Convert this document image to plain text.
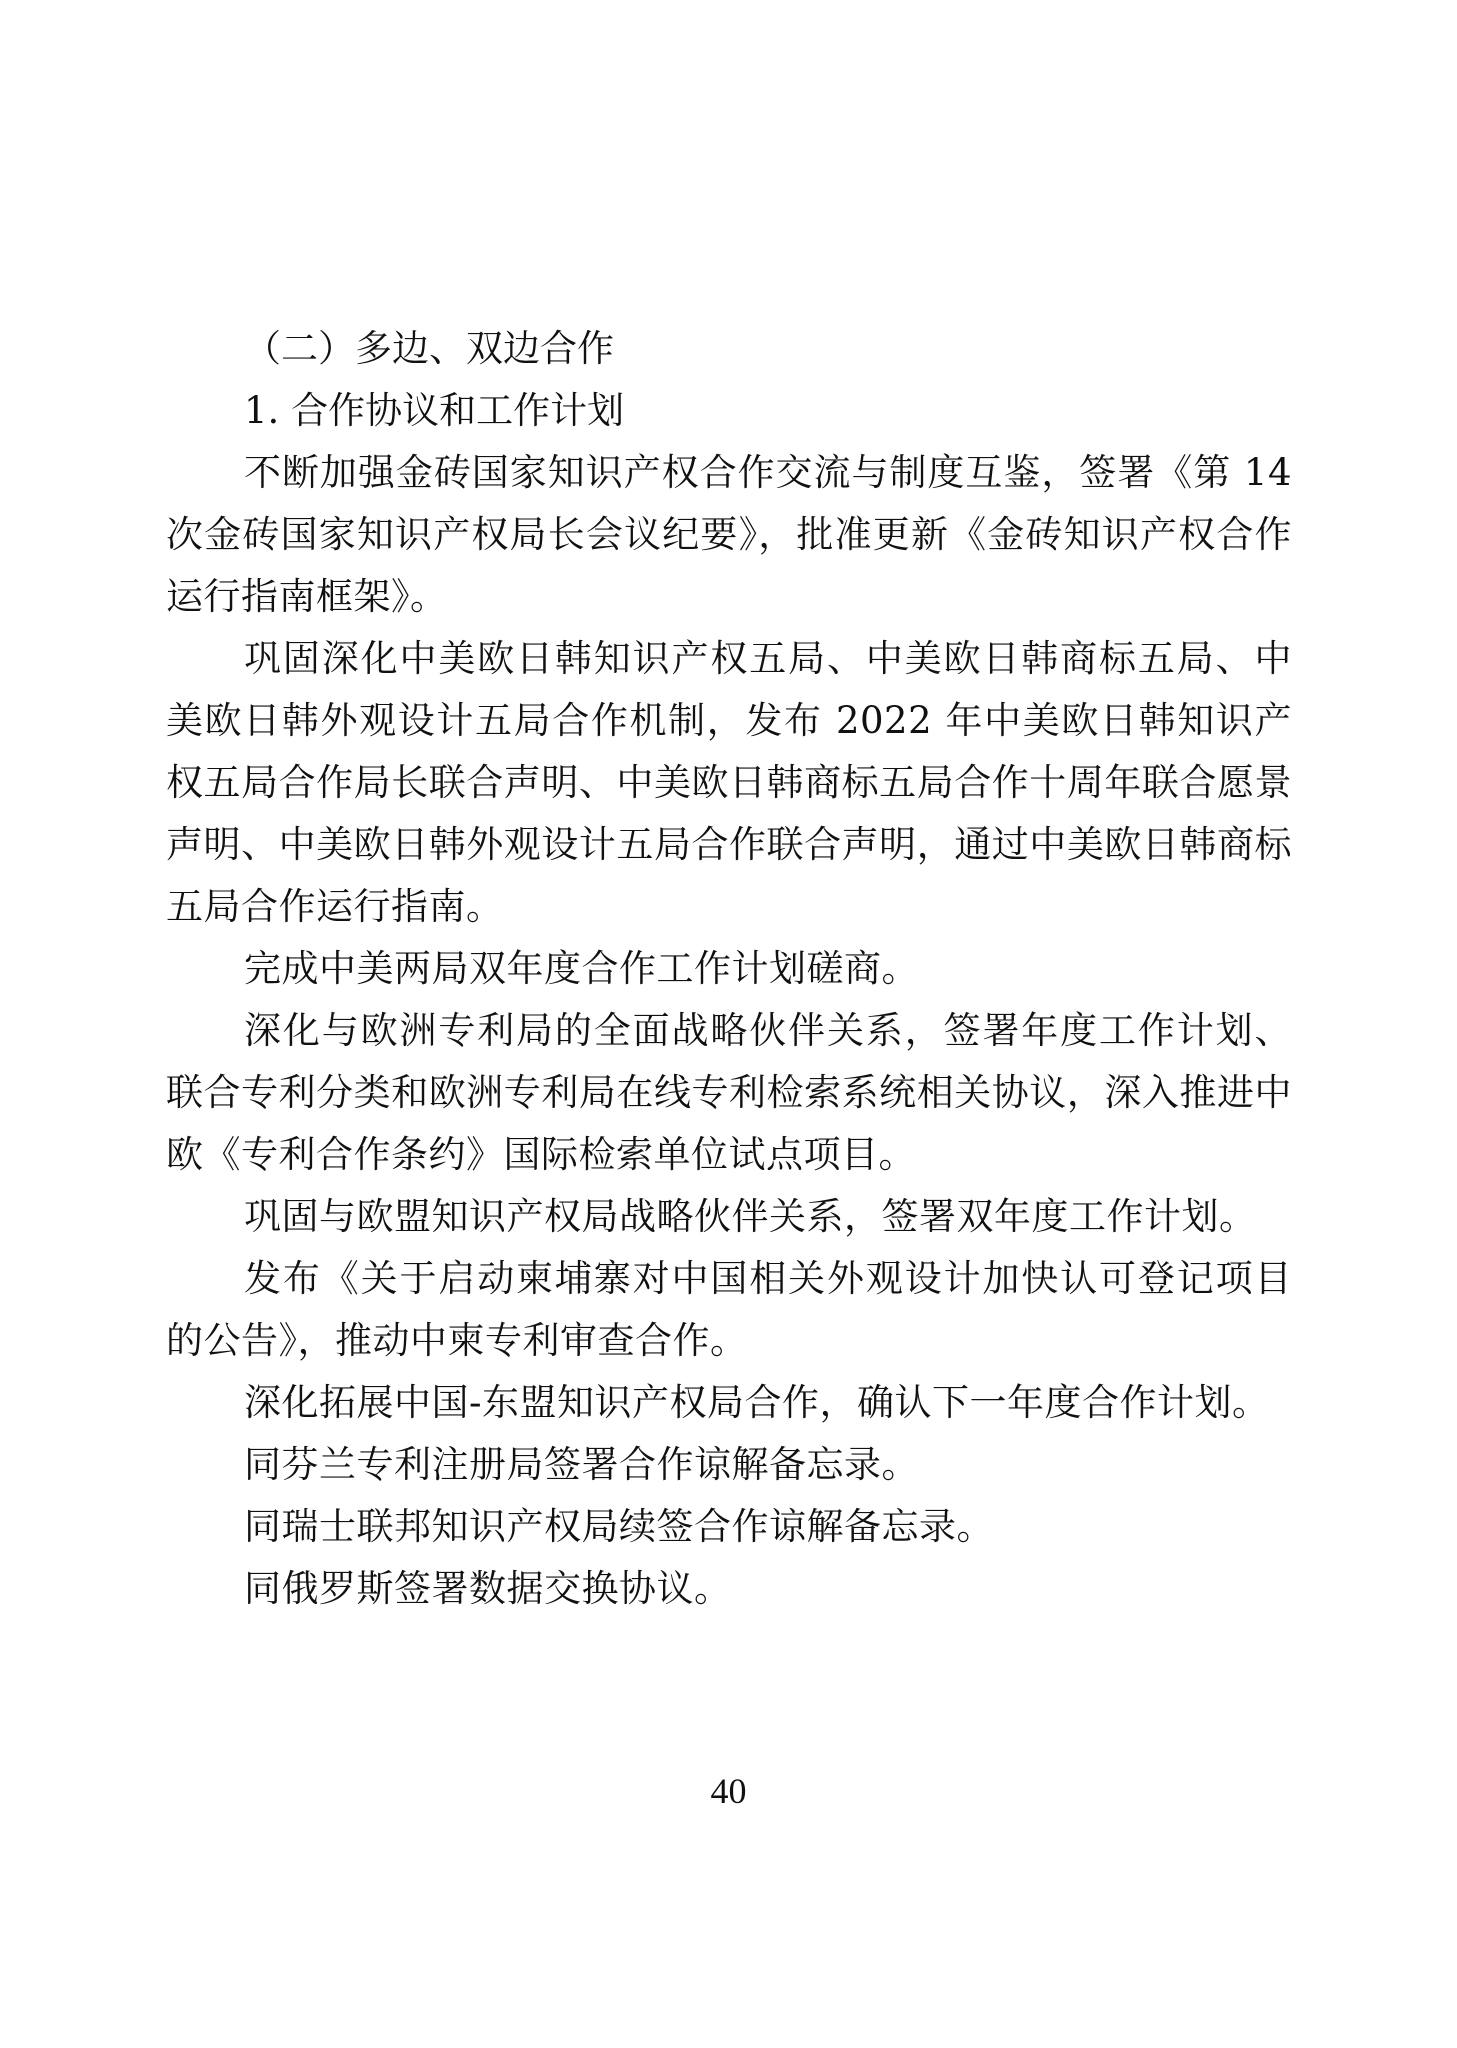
（二）多边、双边合作

1. 合作协议和工作计划

不断加强金砖国家知识产权合作交流与制度互鉴，签署《第 14 次金砖国家知识产权局长会议纪要》，批准更新《金砖知识产权合作运行指南框架》。

巩固深化中美欧日韩知识产权五局、中美欧日韩商标五局、中美欧日韩外观设计五局合作机制，发布 2022 年中美欧日韩知识产权五局合作局长联合声明、中美欧日韩商标五局合作十周年联合愿景声明、中美欧日韩外观设计五局合作联合声明，通过中美欧日韩商标五局合作运行指南。

完成中美两局双年度合作工作计划磋商。

深化与欧洲专利局的全面战略伙伴关系，签署年度工作计划、联合专利分类和欧洲专利局在线专利检索系统相关协议，深入推进中欧《专利合作条约》国际检索单位试点项目。

巩固与欧盟知识产权局战略伙伴关系，签署双年度工作计划。

发布《关于启动柬埔寨对中国相关外观设计加快认可登记项目的公告》，推动中柬专利审查合作。

深化拓展中国-东盟知识产权局合作，确认下一年度合作计划。

同芬兰专利注册局签署合作谅解备忘录。

同瑞士联邦知识产权局续签合作谅解备忘录。

同俄罗斯签署数据交换协议。

40
